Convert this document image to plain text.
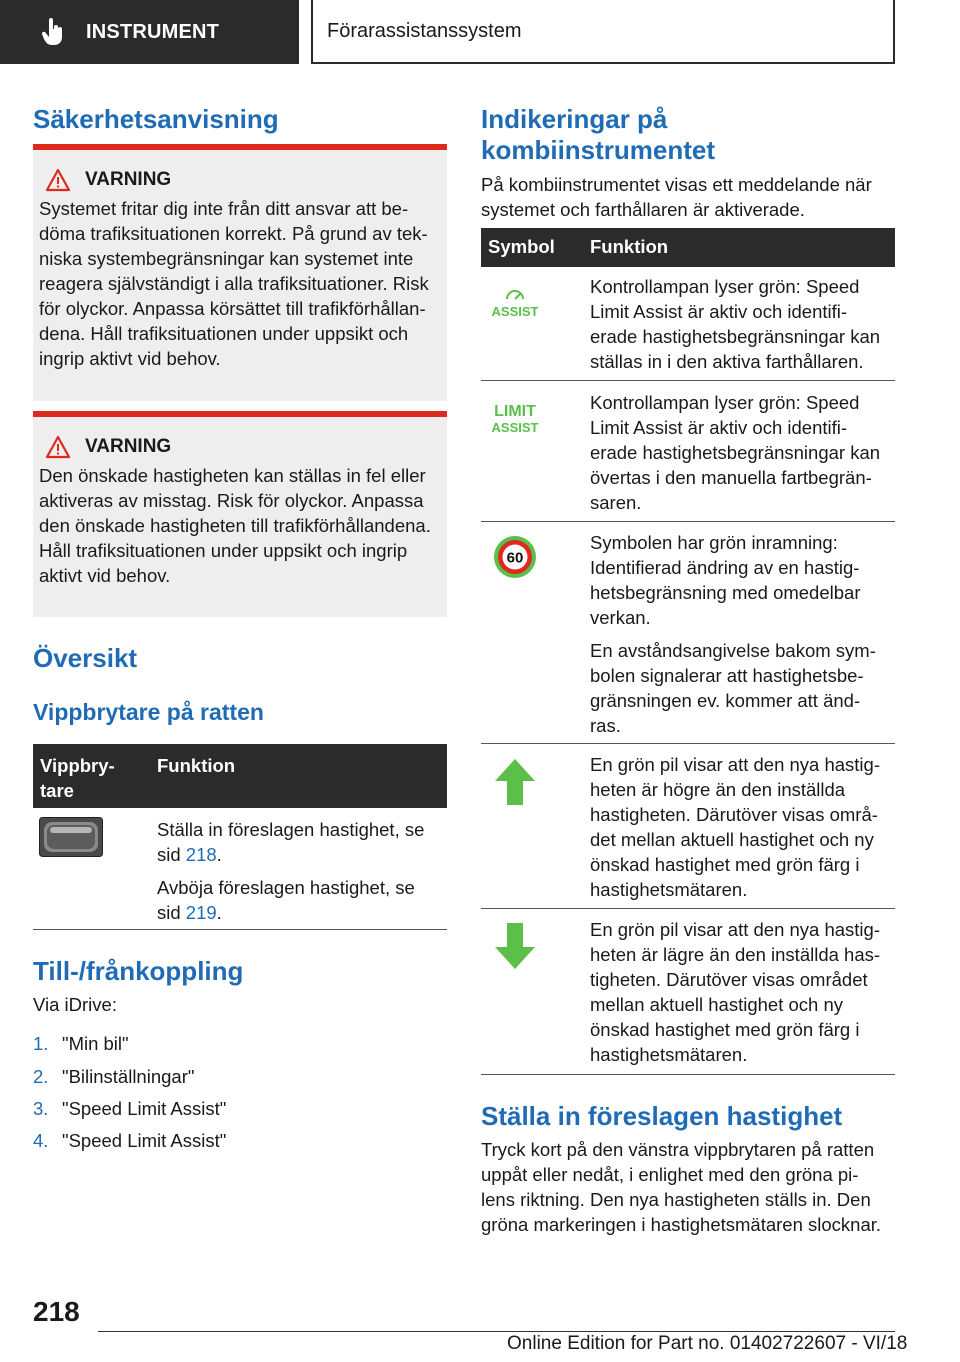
INSTRUMENT	Förarassistanssystem
Säkerhetsanvisning
VARNING
Systemet fritar dig inte från ditt ansvar att be-
döma trafiksituationen korrekt. På grund av tek-
niska systembegränsningar kan systemet inte
reagera självständigt i alla trafiksituationer. Risk
för olyckor. Anpassa körsättet till trafikförhållan-
dena. Håll trafiksituationen under uppsikt och
ingrip aktivt vid behov.
VARNING
Den önskade hastigheten kan ställas in fel eller
aktiveras av misstag. Risk för olyckor. Anpassa
den önskade hastigheten till trafikförhållandena.
Håll trafiksituationen under uppsikt och ingrip
aktivt vid behov.
Översikt
Vippbrytare på ratten
Vippbry-
tare
Funktion
Ställa in föreslagen hastighet, se
sid 218.
Avböja föreslagen hastighet, se
sid 219.
Till-/frånkoppling
Via iDrive:
1. "Min bil"
2. "Bilinställningar"
3. "Speed Limit Assist"
4. "Speed Limit Assist"
Indikeringar på
kombiinstrumentet
På kombiinstrumentet visas ett meddelande när
systemet och farthållaren är aktiverade.
Symbol Funktion
ASSIST
Kontrollampan lyser grön: Speed
Limit Assist är aktiv och identifi-
erade hastighetsbegränsningar kan
ställas in i den aktiva farthållaren.
LIMIT
ASSIST
Kontrollampan lyser grön: Speed
Limit Assist är aktiv och identifi-
erade hastighetsbegränsningar kan
övertas i den manuella fartbegrän-
saren.
60
Symbolen har grön inramning:
Identifierad ändring av en hastig-
hetsbegränsning med omedelbar
verkan.
En avståndsangivelse bakom sym-
bolen signalerar att hastighetsbe-
gränsningen ev. kommer att änd-
ras.
En grön pil visar att den nya hastig-
heten är högre än den inställda
hastigheten. Därutöver visas områ-
det mellan aktuell hastighet och ny
önskad hastighet med grön färg i
hastighetsmätaren.
En grön pil visar att den nya hastig-
heten är lägre än den inställda has-
tigheten. Därutöver visas området
mellan aktuell hastighet och ny
önskad hastighet med grön färg i
hastighetsmätaren.
Ställa in föreslagen hastighet
Tryck kort på den vänstra vippbrytaren på ratten
uppåt eller nedåt, i enlighet med den gröna pi-
lens riktning. Den nya hastigheten ställs in. Den
gröna markeringen i hastighetsmätaren slocknar.
218
Online Edition for Part no. 01402722607 - VI/18
